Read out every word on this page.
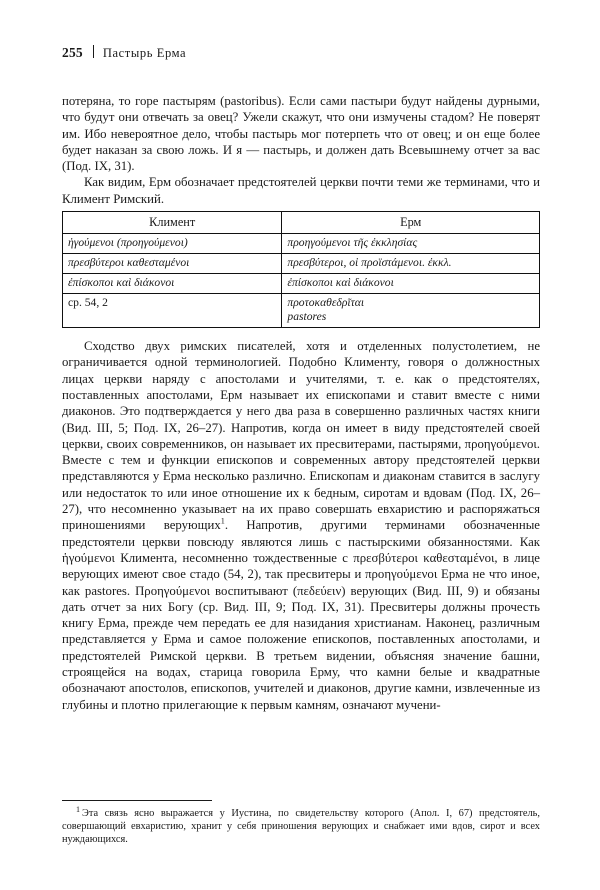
255 Пастырь Ерма

потеряна, то горе пастырям (pastoribus). Если сами пастыри будут найдены дурными, что будут они отвечать за овец? Ужели скажут, что они измучены стадом? Не поверят им. Ибо невероятное дело, чтобы пастырь мог потерпеть что от овец; и он еще более будет наказан за свою ложь. И я — пастырь, и должен дать Всевышнему отчет за вас (Под. IX, 31).

Как видим, Ерм обозначает предстоятелей церкви почти теми же терминами, что и Климент Римский.

Климент	Ерм
ἡγούμενοι (προηγούμενοι)	προηγούμενοι τῆς ἐκκλησίας
πρεσβύτεροι καθεσταμένοι	πρεσβύτεροι, οἱ προϊστάμενοι. ἐκκλ.
ἐπίσκοποι καὶ διάκονοι	ἐπίσκοποι καὶ διάκονοι
ср. 54, 2	προτοκαθεδρῖται
pastores

Сходство двух римских писателей, хотя и отделенных полустолетием, не ограничивается одной терминологией. Подобно Клименту, говоря о должностных лицах церкви наряду с апостолами и учителями, т. е. как о предстоятелях, поставленных апостолами, Ерм называет их епископами и ставит вместе с ними диаконов. Это подтверждается у него два раза в совершенно различных частях книги (Вид. III, 5; Под. IX, 26–27). Напротив, когда он имеет в виду предстоятелей своей церкви, своих современников, он называет их пресвитерами, пастырями, προηγούμενοι. Вместе с тем и функции епископов и современных автору предстоятелей церкви представляются у Ерма несколько различно. Епископам и диаконам ставится в заслугу или недостаток то или иное отношение их к бедным, сиротам и вдовам (Под. IX, 26–27), что несомненно указывает на их право совершать евхаристию и распоряжаться приношениями верующих$^1$. Напротив, другими терминами обозначенные предстоятели церкви повсюду являются лишь с пастырскими обязанностями. Как ἡγούμενοι Климента, несомненно тождественные с πρεσβύτεροι καθεσταμένοι, в лице верующих имеют свое стадо (54, 2), так пресвитеры и προηγούμενοι Ерма не что иное, как pastores. Προηγούμενοι воспитывают (πεδεύειν) верующих (Вид. III, 9) и обязаны дать отчет за них Богу (ср. Вид. III, 9; Под. IX, 31). Пресвитеры должны прочесть книгу Ерма, прежде чем передать ее для назидания христианам. Наконец, различным представляется у Ерма и самое положение епископов, поставленных апостолами, и предстоятелей Римской церкви. В третьем видении, объясняя значение башни, строящейся на водах, старица говорила Ерму, что камни белые и квадратные обозначают апостолов, епископов, учителей и диаконов, другие камни, извлеченные из глубины и плотно прилегающие к первым камням, означают мучени-

$^1$ Эта связь ясно выражается у Иустина, по свидетельству которого (Апол. I, 67) предстоятель, совершающий евхаристию, хранит у себя приношения верующих и снабжает ими вдов, сирот и всех нуждающихся.
